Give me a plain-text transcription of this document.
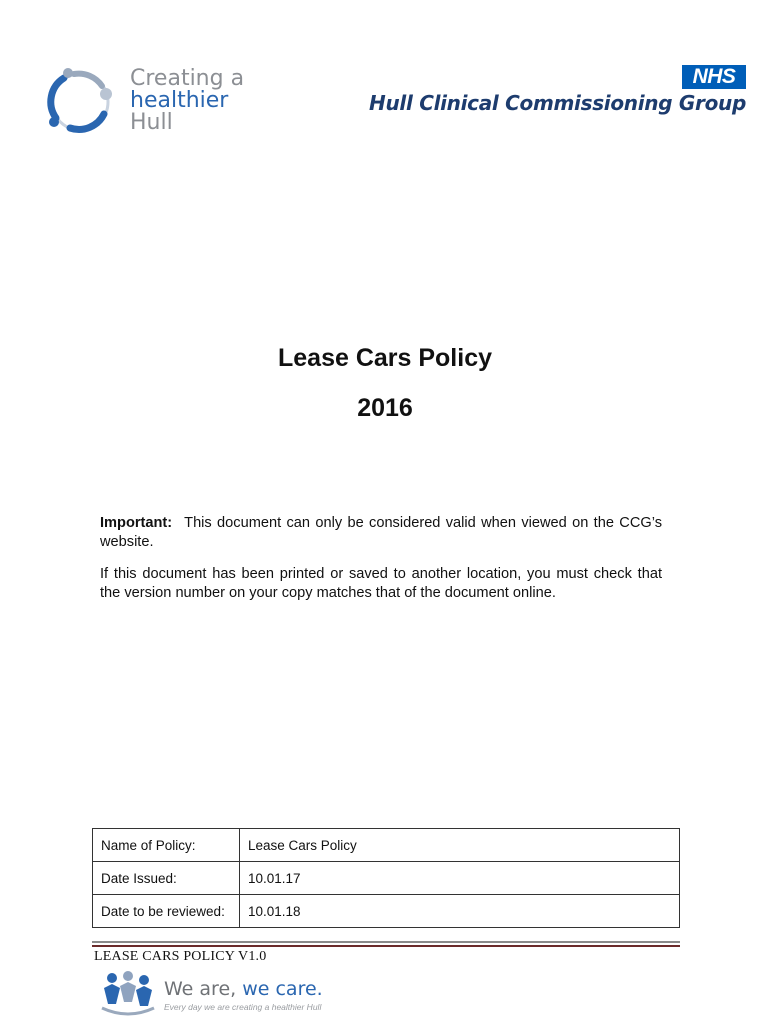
Creating a
healthier
Hull
NHS
Hull Clinical Commissioning Group
Lease Cars Policy
2016
Important: This document can only be considered valid when viewed on the CCG’s website.
If this document has been printed or saved to another location, you must check that the version number on your copy matches that of the document online.
Name of Policy:	Lease Cars Policy
Date Issued:	10.01.17
Date to be reviewed:	10.01.18
LEASE CARS POLICY V1.0
We are, we care.
Every day we are creating a healthier Hull
